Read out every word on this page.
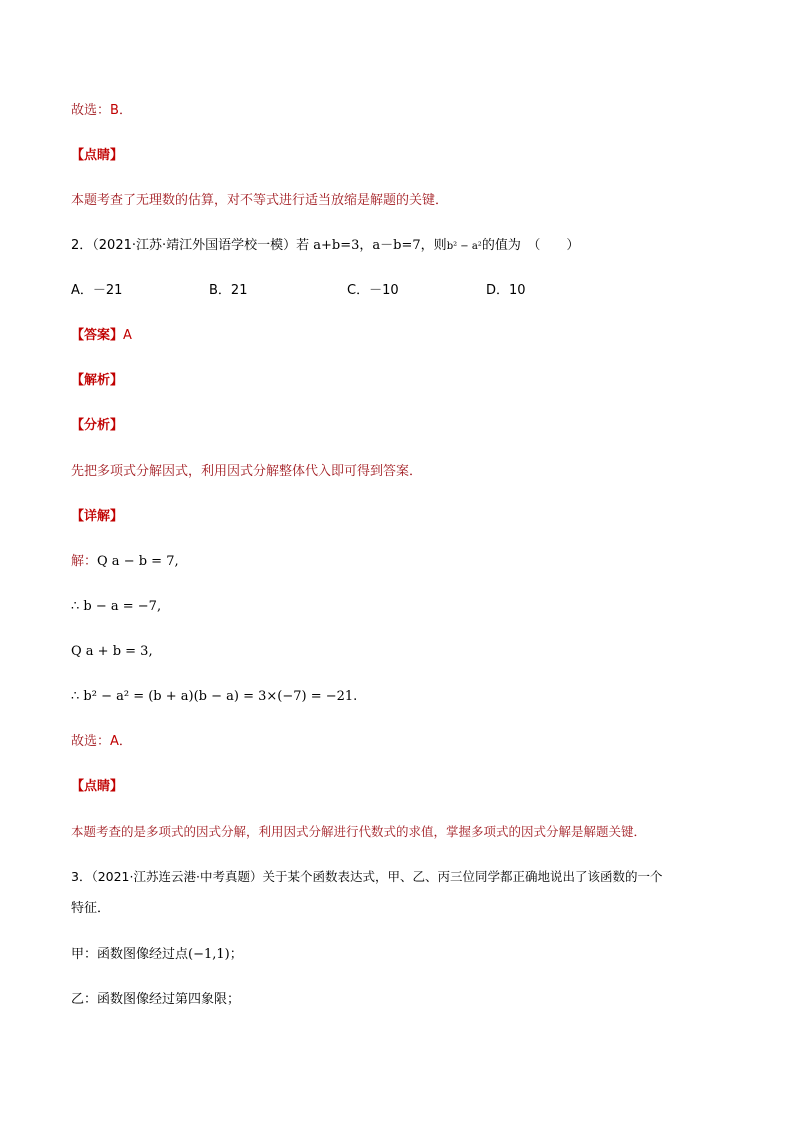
故选：B．
【点睛】
本题考查了无理数的估算，对不等式进行适当放缩是解题的关键．
2．（2021·江苏·靖江外国语学校一模）若 a+b=3，a－b=7，则b² − a²的值为　（　　）
A．－21	B．21	C．－10	D．10
【答案】A
【解析】
【分析】
先把多项式分解因式，利用因式分解整体代入即可得到答案．
【详解】
解：Q a − b = 7,
∴ b − a = −7,
Q a + b = 3,
∴ b² − a² = (b + a)(b − a) = 3×(−7) = −21.
故选：A．
【点睛】
本题考查的是多项式的因式分解，利用因式分解进行代数式的求值，掌握多项式的因式分解是解题关键．
3．（2021·江苏连云港·中考真题）关于某个函数表达式，甲、乙、丙三位同学都正确地说出了该函数的一个
特征．
甲：函数图像经过点(−1,1)；
乙：函数图像经过第四象限；
